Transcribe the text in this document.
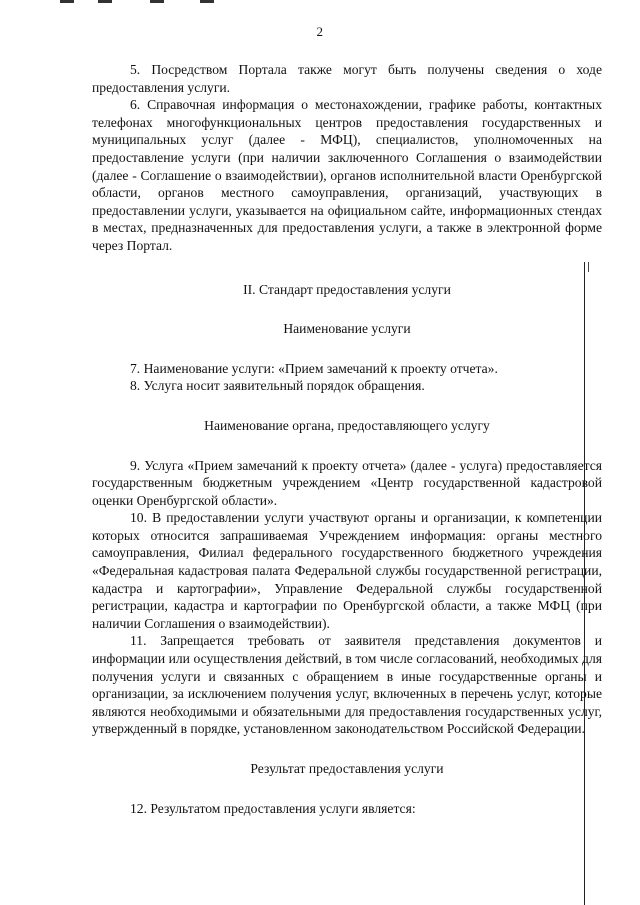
2

5. Посредством Портала также могут быть получены сведения о ходе предоставления услуги.

6. Справочная информация о местонахождении, графике работы, контактных телефонах многофункциональных центров предоставления государственных и муниципальных услуг (далее - МФЦ), специалистов, уполномоченных на предоставление услуги (при наличии заключенного Соглашения о взаимодействии (далее - Соглашение о взаимодействии), органов исполнительной власти Оренбургской области, органов местного самоуправления, организаций, участвующих в предоставлении услуги, указывается на официальном сайте, информационных стендах в местах, предназначенных для предоставления услуги, а также в электронной форме через Портал.

II. Стандарт предоставления услуги

Наименование услуги

7. Наименование услуги: «Прием замечаний к проекту отчета».

8. Услуга носит заявительный порядок обращения.

Наименование органа, предоставляющего услугу

9. Услуга «Прием замечаний к проекту отчета» (далее - услуга) предоставляется государственным бюджетным учреждением «Центр государственной кадастровой оценки Оренбургской области».

10. В предоставлении услуги участвуют органы и организации, к компетенции которых относится запрашиваемая Учреждением информация: органы местного самоуправления, Филиал федерального государственного бюджетного учреждения «Федеральная кадастровая палата Федеральной службы государственной регистрации, кадастра и картографии», Управление Федеральной службы государственной регистрации, кадастра и картографии по Оренбургской области, а также МФЦ (при наличии Соглашения о взаимодействии).

11. Запрещается требовать от заявителя представления документов и информации или осуществления действий, в том числе согласований, необходимых для получения услуги и связанных с обращением в иные государственные органы и организации, за исключением получения услуг, включенных в перечень услуг, которые являются необходимыми и обязательными для предоставления государственных услуг, утвержденный в порядке, установленном законодательством Российской Федерации.

Результат предоставления услуги

12. Результатом предоставления услуги является:
